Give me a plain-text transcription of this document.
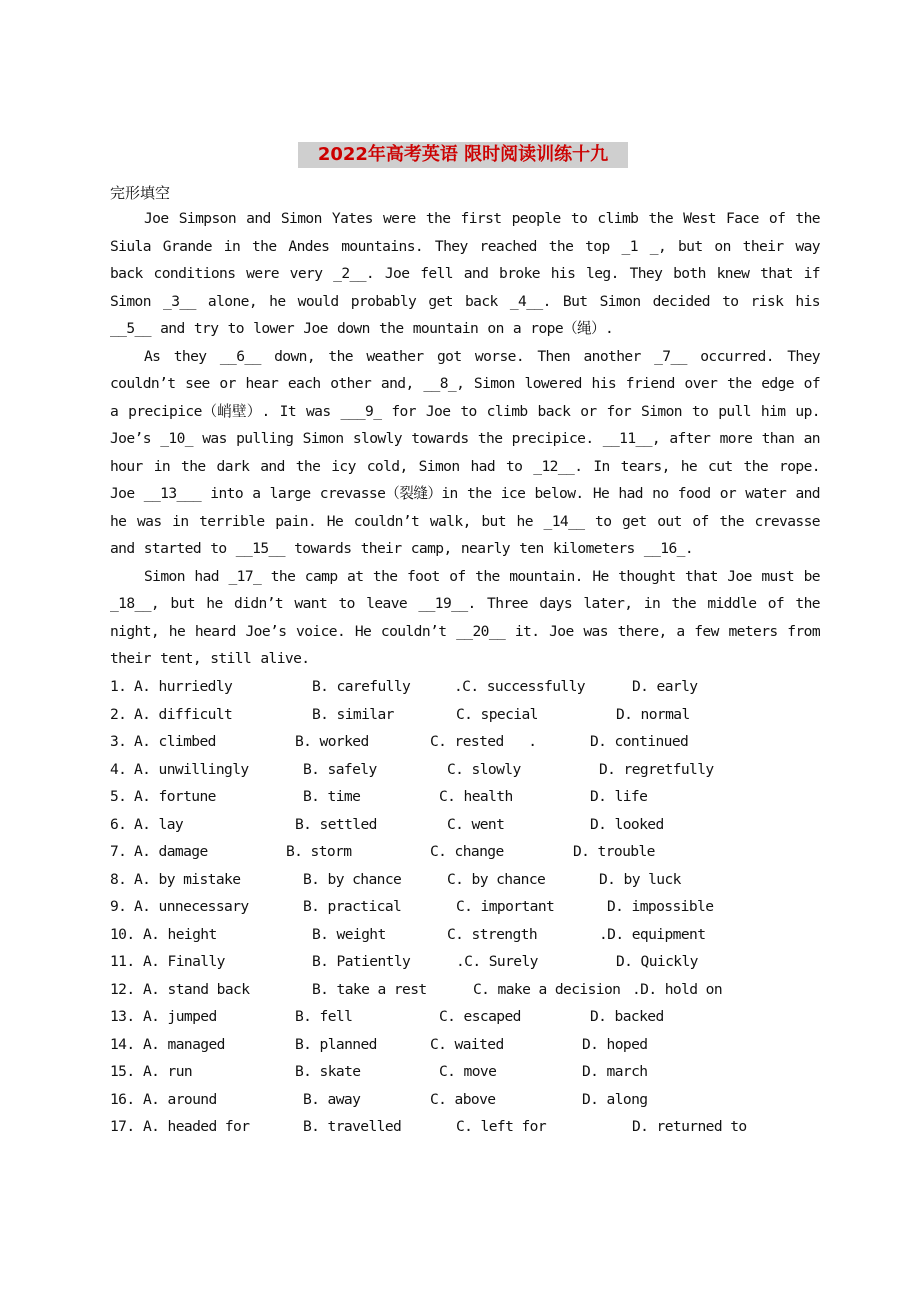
2022年高考英语 限时阅读训练十九
完形填空

Joe Simpson and Simon Yates were the first people to climb the West Face of the Siula Grande in the Andes mountains. They reached the top _1 _, but on their way back conditions were very _2__. Joe fell and broke his leg. They both knew that if Simon _3__ alone, he would probably get back _4__. But Simon decided to risk his __5__ and try to lower Joe down the mountain on a rope（绳）.

As they __6__ down, the weather got worse. Then another _7__ occurred. They couldn’t see or hear each other and, __8_, Simon lowered his friend over the edge of a precipice（峭壁）. It was ___9_ for Joe to climb back or for Simon to pull him up. Joe’s _10_ was pulling Simon slowly towards the precipice. __11__, after more than an hour in the dark and the icy cold, Simon had to _12__. In tears, he cut the rope. Joe __13___ into a large crevasse（裂缝）in the ice below. He had no food or water and he was in terrible pain. He couldn’t walk, but he _14__ to get out of the crevasse and started to __15__ towards their camp, nearly ten kilometers __16_.

Simon had _17_ the camp at the foot of the mountain. He thought that Joe must be _18__, but he didn’t want to leave __19__. Three days later, in the middle of the night, he heard Joe’s voice. He couldn’t __20__ it. Joe was there, a few meters from their tent, still alive.

1. A. hurriedly	B. carefully	.C. successfully	D. early
2. A. difficult	B. similar	C. special	D. normal
3. A. climbed	B. worked	C. rested   .	D. continued
4. A. unwillingly	B. safely	C. slowly	D. regretfully
5. A. fortune	B. time	C. health	D. life
6. A. lay	B. settled	C. went	D. looked
7. A. damage	B. storm	C. change	D. trouble
8. A. by mistake	B. by chance	C. by chance	D. by luck
9. A. unnecessary	B. practical	C. important	D. impossible
10. A. height	B. weight	C. strength	.D. equipment
11. A. Finally	B. Patiently	.C. Surely	D. Quickly
12. A. stand back	B. take a rest	C. make a decision .D. hold on
13. A. jumped	B. fell	C. escaped	D. backed
14. A. managed	B. planned	C. waited	D. hoped
15. A. run	B. skate	C. move	D. march
16. A. around	B. away	C. above	D. along
17. A. headed for	B. travelled	C. left for	D. returned to
